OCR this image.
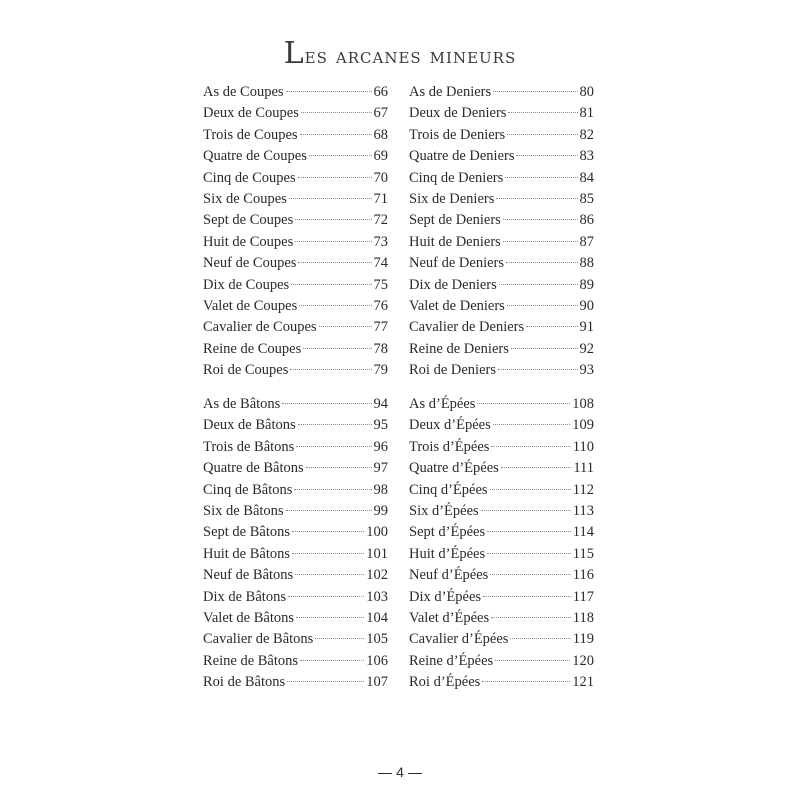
Les arcanes mineurs
As de Coupes	66
Deux de Coupes	67
Trois de Coupes	68
Quatre de Coupes	69
Cinq de Coupes	70
Six de Coupes	71
Sept de Coupes	72
Huit de Coupes	73
Neuf de Coupes	74
Dix de Coupes	75
Valet de Coupes	76
Cavalier de Coupes	77
Reine de Coupes	78
Roi de Coupes	79
As de Deniers	80
Deux de Deniers	81
Trois de Deniers	82
Quatre de Deniers	83
Cinq de Deniers	84
Six de Deniers	85
Sept de Deniers	86
Huit de Deniers	87
Neuf de Deniers	88
Dix de Deniers	89
Valet de Deniers	90
Cavalier de Deniers	91
Reine de Deniers	92
Roi de Deniers	93
As de Bâtons	94
Deux de Bâtons	95
Trois de Bâtons	96
Quatre de Bâtons	97
Cinq de Bâtons	98
Six de Bâtons	99
Sept de Bâtons	100
Huit de Bâtons	101
Neuf de Bâtons	102
Dix de Bâtons	103
Valet de Bâtons	104
Cavalier de Bâtons	105
Reine de Bâtons	106
Roi de Bâtons	107
As d’Épées	108
Deux d’Épées	109
Trois d’Épées	110
Quatre d’Épées	111
Cinq d’Épées	112
Six d’Épées	113
Sept d’Épées	114
Huit d’Épées	115
Neuf d’Épées	116
Dix d’Épées	117
Valet d’Épées	118
Cavalier d’Épées	119
Reine d’Épées	120
Roi d’Épées	121
4
